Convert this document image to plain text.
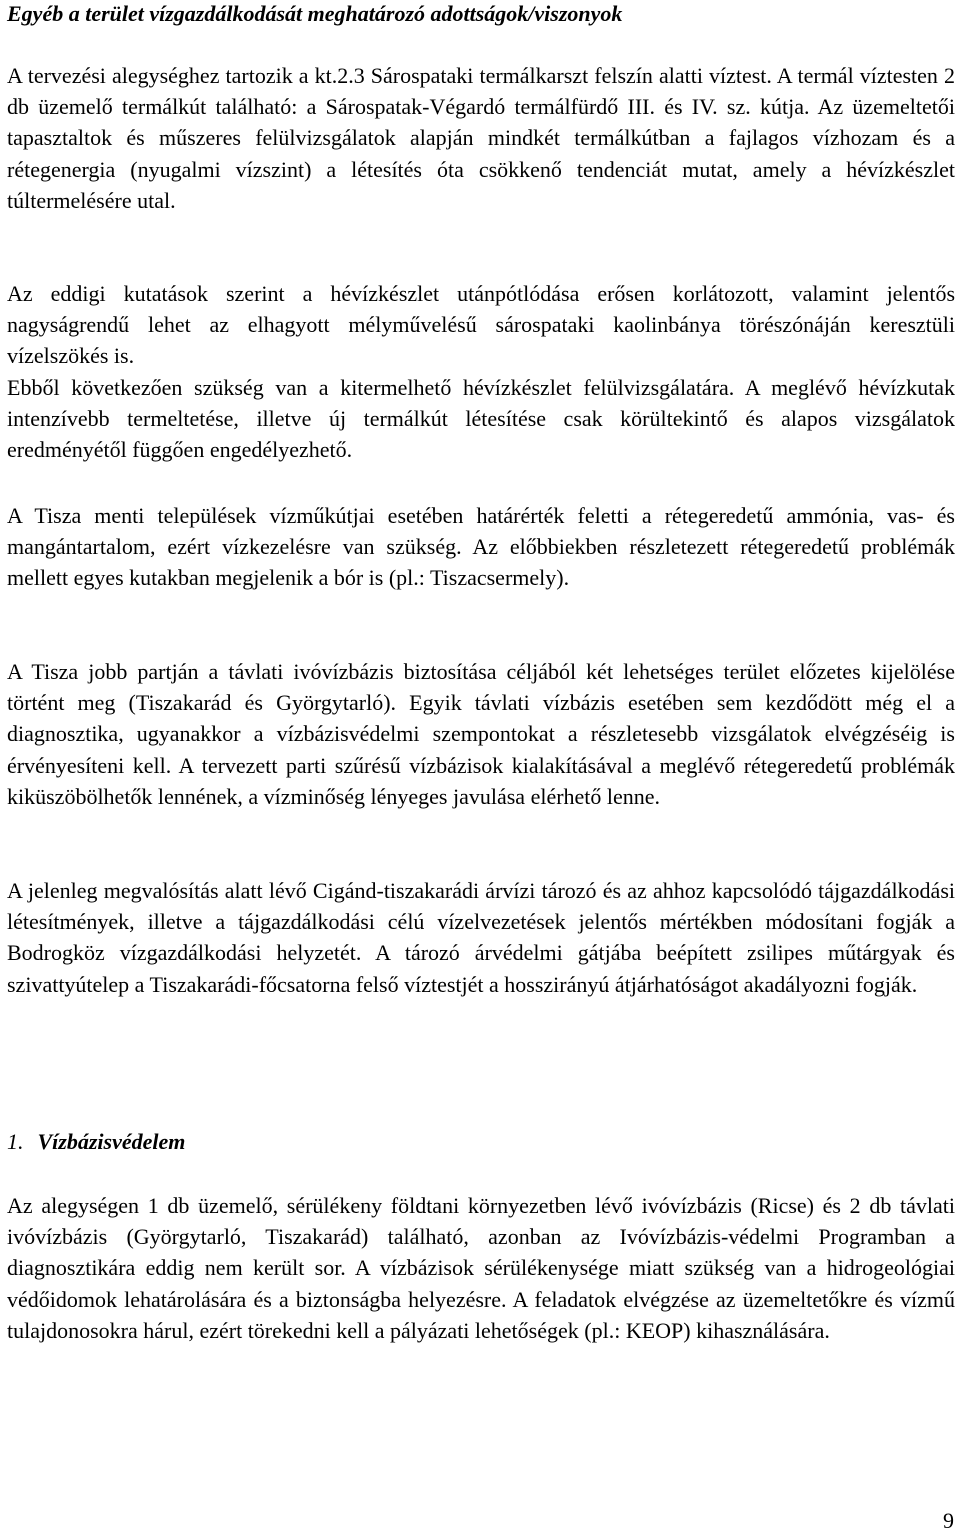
Egyéb a terület vízgazdálkodását meghatározó adottságok/viszonyok

A tervezési alegységhez tartozik a kt.2.3 Sárospataki termálkarszt felszín alatti víztest. A termál víztesten 2 db üzemelő termálkút található: a Sárospatak-Végardó termálfürdő III. és IV. sz. kútja. Az üzemeltetői tapasztaltok és műszeres felülvizsgálatok alapján mindkét termálkútban a fajlagos vízhozam és a rétegenergia (nyugalmi vízszint) a létesítés óta csökkenő tendenciát mutat, amely a hévízkészlet túltermelésére utal.

Az eddigi kutatások szerint a hévízkészlet utánpótlódása erősen korlátozott, valamint jelentős nagyságrendű lehet az elhagyott mélyművelésű sárospataki kaolinbánya törészónáján keresztüli vízelszökés is.

Ebből következően szükség van a kitermelhető hévízkészlet felülvizsgálatára. A meglévő hévízkutak intenzívebb termeltetése, illetve új termálkút létesítése csak körültekintő és alapos vizsgálatok eredményétől függően engedélyezhető.

A Tisza menti települések vízműkútjai esetében határérték feletti a rétegeredetű ammónia, vas- és mangántartalom, ezért vízkezelésre van szükség. Az előbbiekben részletezett rétegeredetű problémák mellett egyes kutakban megjelenik a bór is (pl.: Tiszacsermely).

A Tisza jobb partján a távlati ivóvízbázis biztosítása céljából két lehetséges terület előzetes kijelölése történt meg (Tiszakarád és Györgytarló). Egyik távlati vízbázis esetében sem kezdődött még el a diagnosztika, ugyanakkor a vízbázisvédelmi szempontokat a részletesebb vizsgálatok elvégzéséig is érvényesíteni kell. A tervezett parti szűrésű vízbázisok kialakításával a meglévő rétegeredetű problémák kiküszöbölhetők lennének, a vízminőség lényeges javulása elérhető lenne.

A jelenleg megvalósítás alatt lévő Cigánd-tiszakarádi árvízi tározó és az ahhoz kapcsolódó tájgazdálkodási létesítmények, illetve a tájgazdálkodási célú vízelvezetések jelentős mértékben módosítani fogják a Bodrogköz vízgazdálkodási helyzetét. A tározó árvédelmi gátjába beépített zsilipes műtárgyak és szivattyútelep a Tiszakarádi-főcsatorna felső víztestjét a hosszirányú átjárhatóságot akadályozni fogják.

1. Vízbázisvédelem

Az alegységen 1 db üzemelő, sérülékeny földtani környezetben lévő ivóvízbázis (Ricse) és 2 db távlati ivóvízbázis (Györgytarló, Tiszakarád) található, azonban az Ivóvízbázis-védelmi Programban a diagnosztikára eddig nem került sor. A vízbázisok sérülékenysége miatt szükség van a hidrogeológiai védőidomok lehatárolására és a biztonságba helyezésre. A feladatok elvégzése az üzemeltetőkre és vízmű tulajdonosokra hárul, ezért törekedni kell a pályázati lehetőségek (pl.: KEOP) kihasználására.

9
